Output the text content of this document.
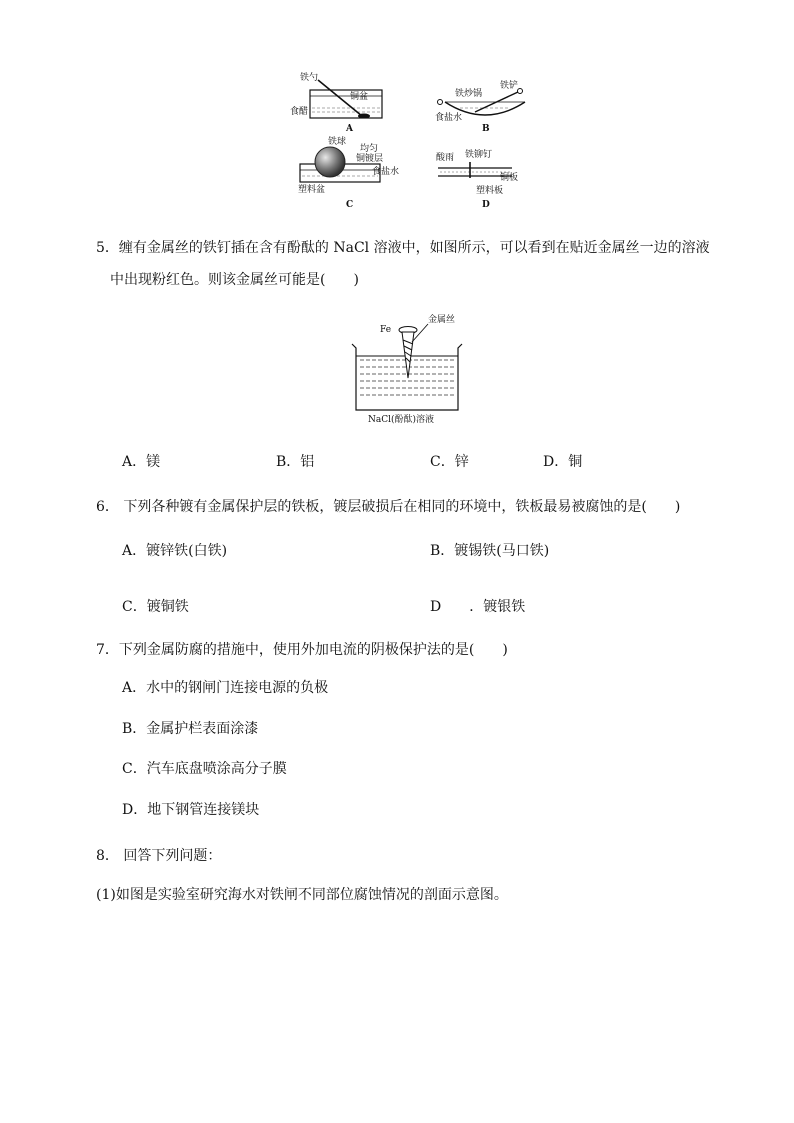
铁勺
铜盆
食醋
A
铁炒锅
铁铲
食盐水
B
铁球
均匀
铜镀层
食盐水
塑料盆
C
酸雨 铁铆钉
铜板
塑料板
D
5．缠有金属丝的铁钉插在含有酚酞的 NaCl 溶液中，如图所示，可以看到在贴近金属丝一边的溶液
中出现粉红色。则该金属丝可能是(　　)
Fe
金属丝
NaCl(酚酞)溶液
A．镁	B．铝	C．锌	D．铜
6． 下列各种镀有金属保护层的铁板，镀层破损后在相同的环境中，铁板最易被腐蚀的是(　　)
A．镀锌铁(白铁)	B．镀锡铁(马口铁)
C．镀铜铁	D　　．镀银铁
7．下列金属防腐的措施中，使用外加电流的阴极保护法的是(　　)
A．水中的钢闸门连接电源的负极
B．金属护栏表面涂漆
C．汽车底盘喷涂高分子膜
D．地下钢管连接镁块
8． 回答下列问题：
(1)如图是实验室研究海水对铁闸不同部位腐蚀情况的剖面示意图。
